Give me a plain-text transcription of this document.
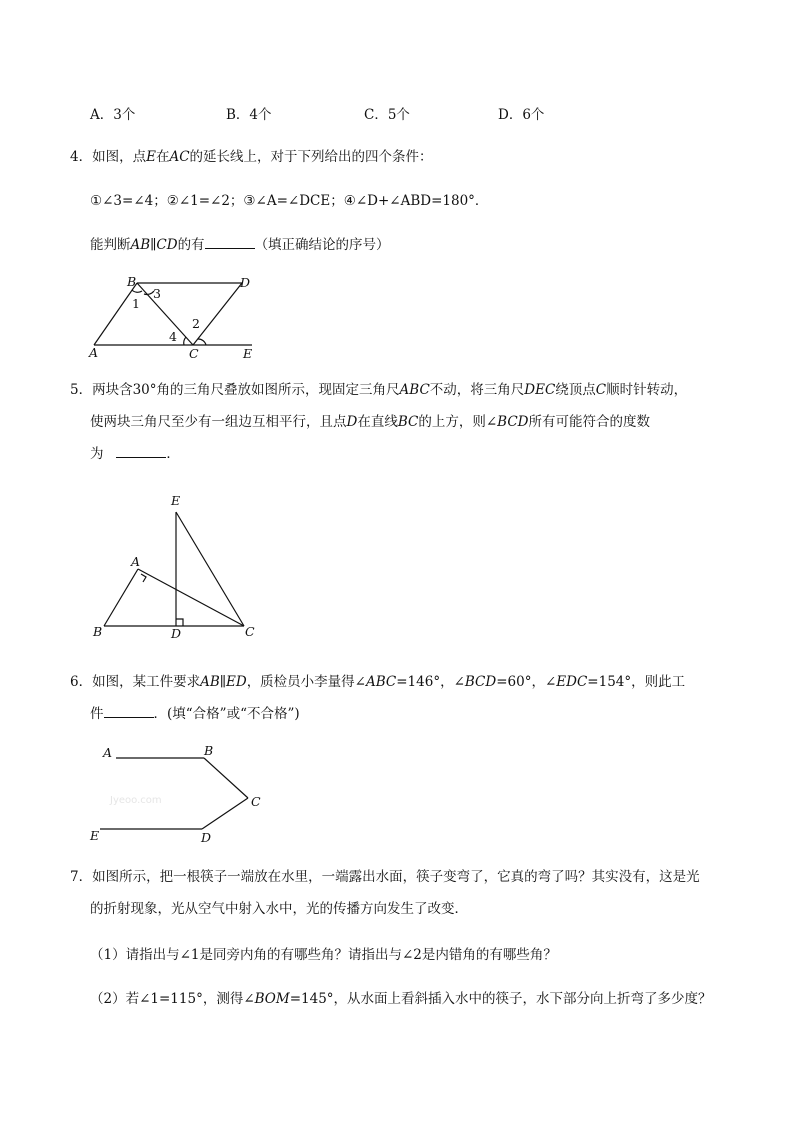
A．3个	B．4个	C．5个	D．6个
4．如图，点E在AC的延长线上，对于下列给出的四个条件：
①∠3=∠4；②∠1=∠2；③∠A=∠DCE；④∠D+∠ABD=180°．
能判断AB∥CD的有	（填正确结论的序号）
B	D
A	C	E
1
3
2
4
5．两块含30°角的三角尺叠放如图所示，现固定三角尺ABC不动，将三角尺DEC绕顶点C顺时针转动，
使两块三角尺至少有一组边互相平行，且点D在直线BC的上方，则∠BCD所有可能符合的度数
为	．
E
A
B	D	C
6．如图，某工件要求AB∥ED，质检员小李量得∠ABC=146°，∠BCD=60°，∠EDC=154°，则此工
件	．(填“合格”或“不合格”)
Jyeoo.com
A	B
C
E	D
7．如图所示，把一根筷子一端放在水里，一端露出水面，筷子变弯了，它真的弯了吗？其实没有，这是光
的折射现象，光从空气中射入水中，光的传播方向发生了改变．
（1）请指出与∠1是同旁内角的有哪些角？请指出与∠2是内错角的有哪些角？
（2）若∠1=115°，测得∠BOM=145°，从水面上看斜插入水中的筷子，水下部分向上折弯了多少度？
